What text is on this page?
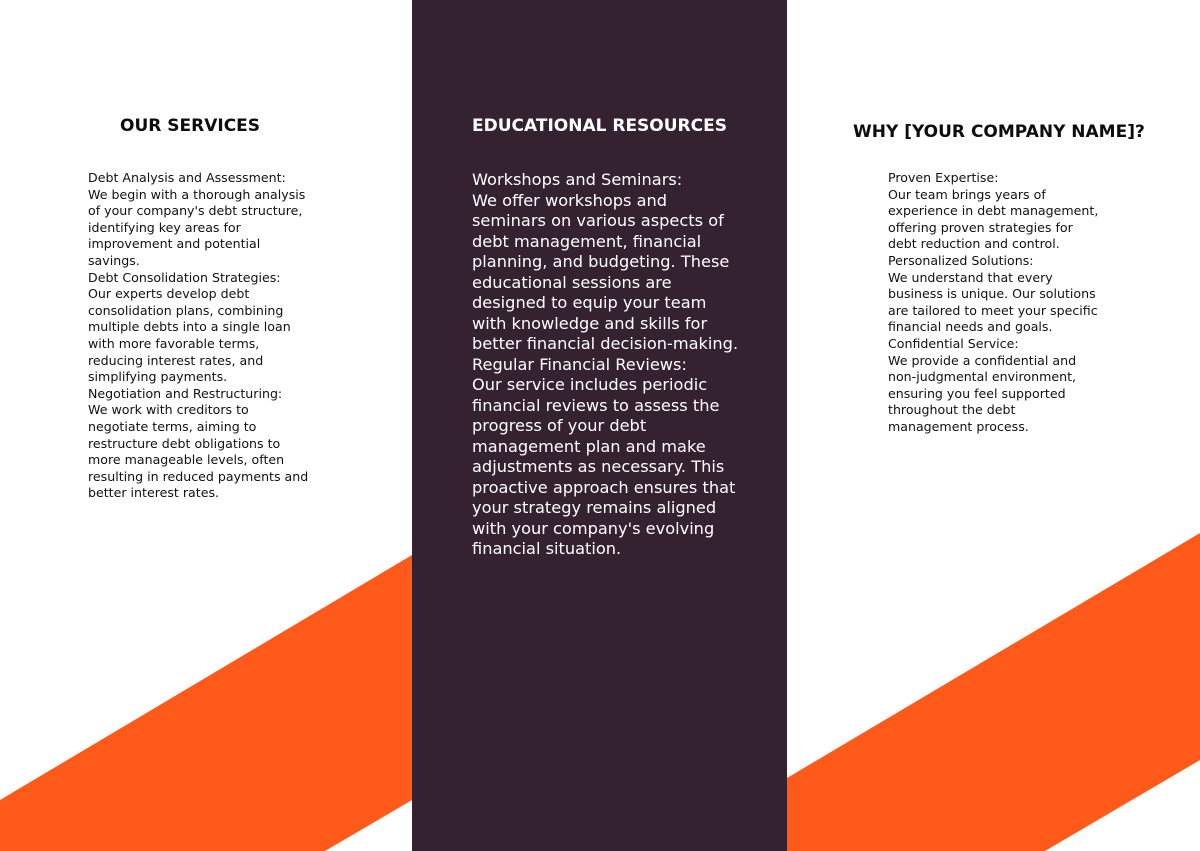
OUR SERVICES

Debt Analysis and Assessment:

We begin with a thorough analysis of your company's debt structure, identifying key areas for improvement and potential savings.

Debt Consolidation Strategies:

Our experts develop debt consolidation plans, combining multiple debts into a single loan with more favorable terms, reducing interest rates, and simplifying payments.

Negotiation and Restructuring:

We work with creditors to negotiate terms, aiming to restructure debt obligations to more manageable levels, often resulting in reduced payments and better interest rates.

EDUCATIONAL RESOURCES

Workshops and Seminars:

We offer workshops and seminars on various aspects of debt management, financial planning, and budgeting. These educational sessions are designed to equip your team with knowledge and skills for better financial decision-making.

Regular Financial Reviews:

Our service includes periodic financial reviews to assess the progress of your debt management plan and make adjustments as necessary. This proactive approach ensures that your strategy remains aligned with your company's evolving financial situation.

WHY [YOUR COMPANY NAME]?

Proven Expertise:

Our team brings years of experience in debt management, offering proven strategies for debt reduction and control.

Personalized Solutions:

We understand that every business is unique. Our solutions are tailored to meet your specific financial needs and goals.

Confidential Service:

We provide a confidential and non-judgmental environment, ensuring you feel supported throughout the debt management process.
